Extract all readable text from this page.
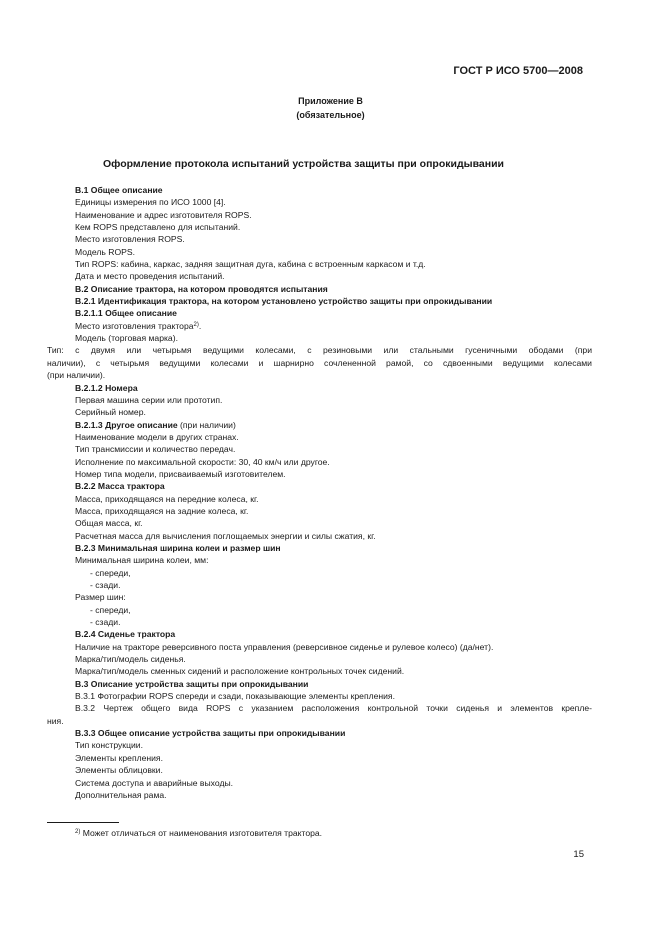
ГОСТ Р ИСО 5700—2008
Приложение В
(обязательное)
Оформление протокола испытаний устройства защиты при опрокидывании
В.1 Общее описание
Единицы измерения по ИСО 1000 [4].
Наименование и адрес изготовителя ROPS.
Кем ROPS представлено для испытаний.
Место изготовления ROPS.
Модель ROPS.
Тип ROPS: кабина, каркас, задняя защитная дуга, кабина с встроенным каркасом и т.д.
Дата и место проведения испытаний.
В.2 Описание трактора, на котором проводятся испытания
В.2.1 Идентификация трактора, на котором установлено устройство защиты при опрокидывании
В.2.1.1 Общее описание
Место изготовления трактора$^{2)}$.
Модель (торговая марка).
Тип: с двумя или четырьмя ведущими колесами, с резиновыми или стальными гусеничными ободами (при
наличии), с четырьмя ведущими колесами и шарнирно сочлененной рамой, со сдвоенными ведущими колесами
(при наличии).
В.2.1.2 Номера
Первая машина серии или прототип.
Серийный номер.
В.2.1.3 Другое описание (при наличии)
Наименование модели в других странах.
Тип трансмиссии и количество передач.
Исполнение по максимальной скорости: 30, 40 км/ч или другое.
Номер типа модели, присваиваемый изготовителем.
В.2.2 Масса трактора
Масса, приходящаяся на передние колеса, кг.
Масса, приходящаяся на задние колеса, кг.
Общая масса, кг.
Расчетная масса для вычисления поглощаемых энергии и силы сжатия, кг.
В.2.3 Минимальная ширина колеи и размер шин
Минимальная ширина колеи, мм:
- спереди,
- сзади.
Размер шин:
- спереди,
- сзади.
В.2.4 Сиденье трактора
Наличие на тракторе реверсивного поста управления (реверсивное сиденье и рулевое колесо) (да/нет).
Марка/тип/модель сиденья.
Марка/тип/модель сменных сидений и расположение контрольных точек сидений.
В.3 Описание устройства защиты при опрокидывании
В.3.1 Фотографии ROPS спереди и сзади, показывающие элементы крепления.
В.3.2 Чертеж общего вида ROPS с указанием расположения контрольной точки сиденья и элементов крепле-
ния.
В.3.3 Общее описание устройства защиты при опрокидывании
Тип конструкции.
Элементы крепления.
Элементы облицовки.
Система доступа и аварийные выходы.
Дополнительная рама.
$^{2)}$ Может отличаться от наименования изготовителя трактора.
15
